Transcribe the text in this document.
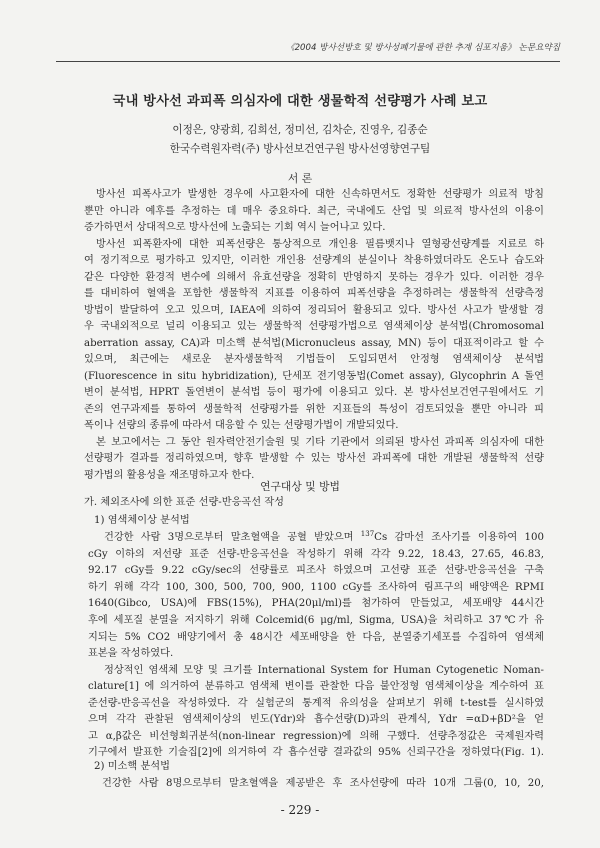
《2004 방사선방호 및 방사성폐기물에 관한 추계 심포지움》 논문요약집
국내 방사선 과피폭 의심자에 대한 생물학적 선량평가 사례 보고
이정은, 양광희, 김희선, 정미선, 김차순, 진영우, 김종순
한국수력원자력(주) 방사선보건연구원 방사선영향연구팀
서 론
방사선 피폭사고가 발생한 경우에 사고환자에 대한 신속하면서도 정확한 선량평가 의료적 방침
뿐만 아니라 예후를 추정하는 데 매우 중요하다. 최근, 국내에도 산업 및 의료적 방사선의 이용이
증가하면서 상대적으로 방사선에 노출되는 기회 역시 늘어나고 있다.
방사선 피폭환자에 대한 피폭선량은 통상적으로 개인용 필름뱃지나 열형광선량계를 지료로 하
여 정기적으로 평가하고 있지만, 이러한 개인용 선량계의 분실이나 착용하였더라도 온도나 습도와
같은 다양한 환경적 변수에 의해서 유효선량을 정확히 반영하지 못하는 경우가 있다. 이러한 경우
를 대비하여 혈액을 포함한 생물학적 지표를 이용하여 피폭선량을 추정하려는 생물학적 선량측정
방법이 발달하여 오고 있으며, IAEA에 의하여 정리되어 활용되고 있다. 방사선 사고가 발생할 경
우 국내외적으로 널리 이용되고 있는 생물학적 선량평가법으로 염색체이상 분석법(Chromosomal
aberration assay, CA)과 미소핵 분석법(Micronucleus assay, MN) 등이 대표적이라고 할 수
있으며, 최근에는 새로운 분자생물학적 기법들이 도입되면서 안정형 염색체이상 분석법
(Fluorescence in situ hybridization), 단세포 전기영동법(Comet assay), Glycophrin A 돌연
변이 분석법, HPRT 돌연변이 분석법 등이 평가에 이용되고 있다. 본 방사선보건연구원에서도 기
존의 연구과제를 통하여 생물학적 선량평가를 위한 지표들의 특성이 검토되었을 뿐만 아니라 피
폭이나 선량의 종류에 따라서 대응할 수 있는 선량평가법이 개발되었다.
본 보고에서는 그 동안 원자력안전기술원 및 기타 기관에서 의뢰된 방사선 과피폭 의심자에 대한
선량평가 결과를 정리하였으며, 향후 발생할 수 있는 방사선 과피폭에 대한 개발된 생물학적 선량
평가법의 활용성을 재조명하고자 한다.
연구대상 및 방법
가. 체외조사에 의한 표준 선량-반응곡선 작성
1) 염색체이상 분석법
건강한 사람 3명으로부터 말초혈액을 공혈 받았으며 $^{137}$Cs 감마선 조사기를 이용하여 100
cGy 이하의 저선량 표준 선량-반응곡선을 작성하기 위해 각각 9.22, 18.43, 27.65, 46.83,
92.17 cGy를 9.22 cGy/sec의 선량률로 피조사 하였으며 고선량 표준 선량-반응곡선을 구축
하기 위해 각각 100, 300, 500, 700, 900, 1100 cGy를 조사하여 림프구의 배양액은 RPMI
1640(Gibco, USA)에 FBS(15%), PHA(20μl/ml)를 첨가하여 만들었고, 세포배양 44시간
후에 세포질 분열을 저지하기 위해 Colcemid(6 μg/ml, Sigma, USA)을 처리하고 37℃가 유
지되는 5% CO2 배양기에서 총 48시간 세포배양을 한 다음, 분열중기세포를 수집하여 염색체
표본을 작성하였다.
정상적인 염색체 모양 및 크기를 International System for Human Cytogenetic Noman-
clature[1] 에 의거하여 분류하고 염색체 변이를 관찰한 다음 불안정형 염색체이상을 계수하여 표
준선량-반응곡선을 작성하였다. 각 실험군의 통계적 유의성을 살펴보기 위해 t-test를 실시하였
으며 각각 관찰된 염색체이상의 빈도(Ydr)와 흡수선량(D)과의 관계식, Ydr =αD+βD²을 얻
고 α,β값은 비선형회귀분석(non-linear regression)에 의해 구했다. 선량추정값은 국제원자력
기구에서 발표한 기술집[2]에 의거하여 각 흡수선량 결과값의 95% 신뢰구간을 정하였다(Fig. 1).
2) 미소핵 분석법
건강한 사람 8명으로부터 말초혈액을 제공받은 후 조사선량에 따라 10개 그룹(0, 10, 20,
- 229 -
